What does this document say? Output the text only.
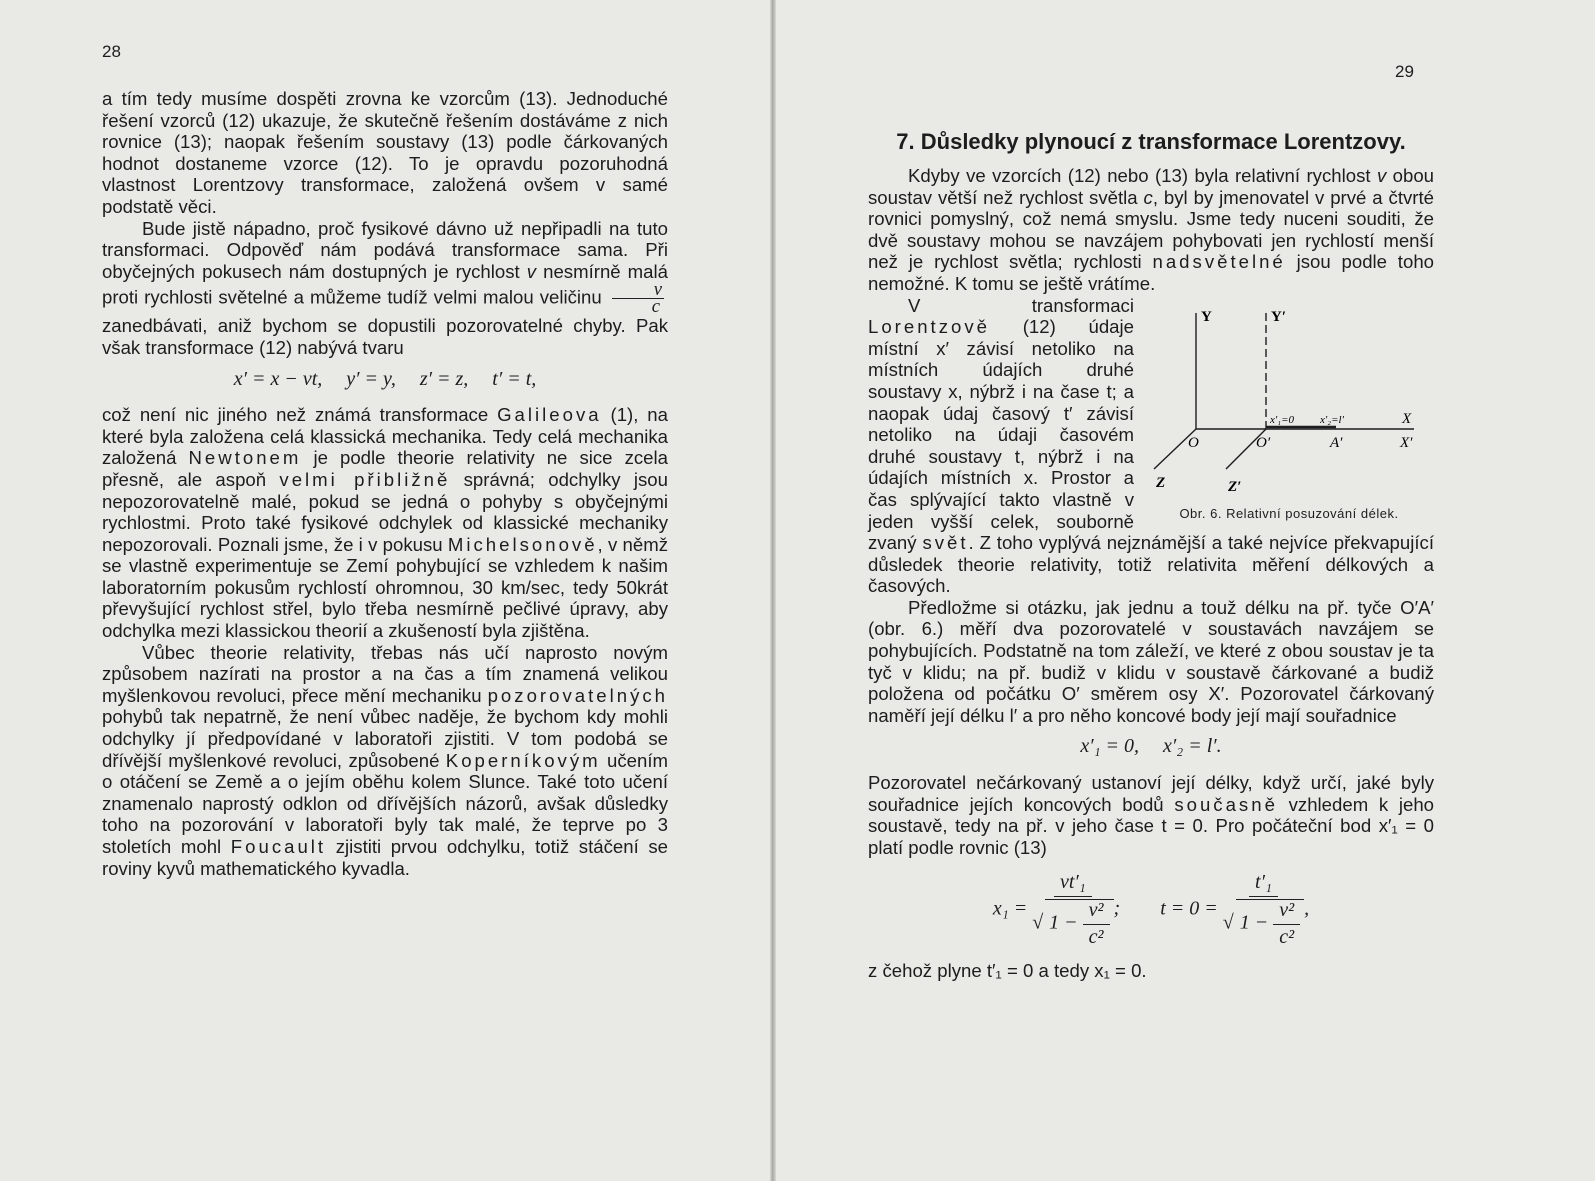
28

a tím tedy musíme dospěti zrovna ke vzorcům (13). Jednoduché řešení vzorců (12) ukazuje, že skutečně řešením dostáváme z nich rovnice (13); naopak řešením soustavy (13) podle čárkovaných hodnot dostaneme vzorce (12). To je opravdu pozoruhodná vlastnost Lorentzovy transformace, založená ovšem v samé podstatě věci.

Bude jistě nápadno, proč fysikové dávno už nepřipadli na tuto transformaci. Odpověď nám podává transformace sama. Při obyčejných pokusech nám dostupných je rychlost v nesmírně malá proti rychlosti světelné a můžeme tudíž velmi malou veličinu $\frac{v}{c}$
zanedbávati, aniž bychom se dopustili pozorovatelné chyby. Pak však transformace (12) nabývá tvaru

x′ = x − vt, y′ = y, z′ = z, t′ = t,

což není nic jiného než známá transformace Galileova (1), na které byla založena celá klassická mechanika. Tedy celá mechanika založená Newtonem je podle theorie relativity ne sice zcela přesně, ale aspoň velmi přibližně správná; odchylky jsou nepozorovatelně malé, pokud se jedná o pohyby s obyčejnými rychlostmi. Proto také fysikové odchylek od klassické mechaniky nepozorovali. Poznali jsme, že i v pokusu Michelsonově, v němž se vlastně experimentuje se Zemí pohybující se vzhledem k našim laboratorním pokusům rychlostí ohromnou, 30 km/sec, tedy 50krát převyšující rychlost střel, bylo třeba nesmírně pečlivé úpravy, aby odchylka mezi klassickou theorií a zkušeností byla zjištěna.

Vůbec theorie relativity, třebas nás učí naprosto novým způsobem nazírati na prostor a na čas a tím znamená velikou myšlenkovou revoluci, přece mění mechaniku pozorovatelných pohybů tak nepatrně, že není vůbec naděje, že bychom kdy mohli odchylky jí předpovídané v laboratoři zjistiti. V tom podobá se dřívější myšlenkové revoluci, způsobené Koperníkovým učením o otáčení se Země a o jejím oběhu kolem Slunce. Také toto učení znamenalo naprostý odklon od dřívějších názorů, avšak důsledky toho na pozorování v laboratoři byly tak malé, že teprve po 3 stoletích mohl Foucault zjistiti prvou odchylku, totiž stáčení se roviny kyvů mathematického kyvadla.

29
7. Důsledky plynoucí z transformace Lorentzovy.

Kdyby ve vzorcích (12) nebo (13) byla relativní rychlost v obou soustav větší než rychlost světla c, byl by jmenovatel v prvé a čtvrté rovnici pomyslný, což nemá smyslu. Jsme tedy nuceni souditi, že dvě soustavy mohou se navzájem pohybovati jen rychlostí menší než je rychlost světla; rychlosti nadsvětelné jsou podle toho nemožné. K tomu se ještě vrátíme.

Y	Y′
O	O′
x′₁=0 x′₂=l′
A′
X
X′
Z	Z′
Obr. 6. Relativní posuzování délek.

V transformaci Lorentzově (12) údaje místní x′ závisí netoliko na místních údajích druhé soustavy x, nýbrž i na čase t; a naopak údaj časový t′ závisí netoliko na údaji časovém druhé soustavy t, nýbrž i na údajích místních x. Prostor a čas splývající takto vlastně v jeden vyšší celek, souborně zvaný svět. Z toho vyplývá nejznámější a také nejvíce překvapující důsledek theorie relativity, totiž relativita měření délkových a časových.

Předložme si otázku, jak jednu a touž délku na př. tyče O′A′ (obr. 6.) měří dva pozorovatelé v soustavách navzájem se pohybujících. Podstatně na tom záleží, ve které z obou soustav je ta tyč v klidu; na př. budiž v klidu v soustavě čárkované a budiž položena od počátku O′ směrem osy X′. Pozorovatel čárkovaný naměří její délku l′ a pro něho koncové body její mají souřadnice

x′₁ = 0, x′₂ = l′.

Pozorovatel nečárkovaný ustanoví její délky, když určí, jaké byly souřadnice jejích koncových bodů současně vzhledem k jeho soustavě, tedy na př. v jeho čase t = 0. Pro počáteční bod x′₁ = 0 platí podle rovnic (13)

$x_1 = \frac{\text{vt′₁}}{√ 1 - \frac{\text{v²}}{\text{c²}}}$ ; $t = 0 = \frac{\text{t′₁}}{√ 1 - \frac{\text{v²}}{\text{c²}}}$ ,

z čehož plyne t′₁ = 0 a tedy x₁ = 0.
